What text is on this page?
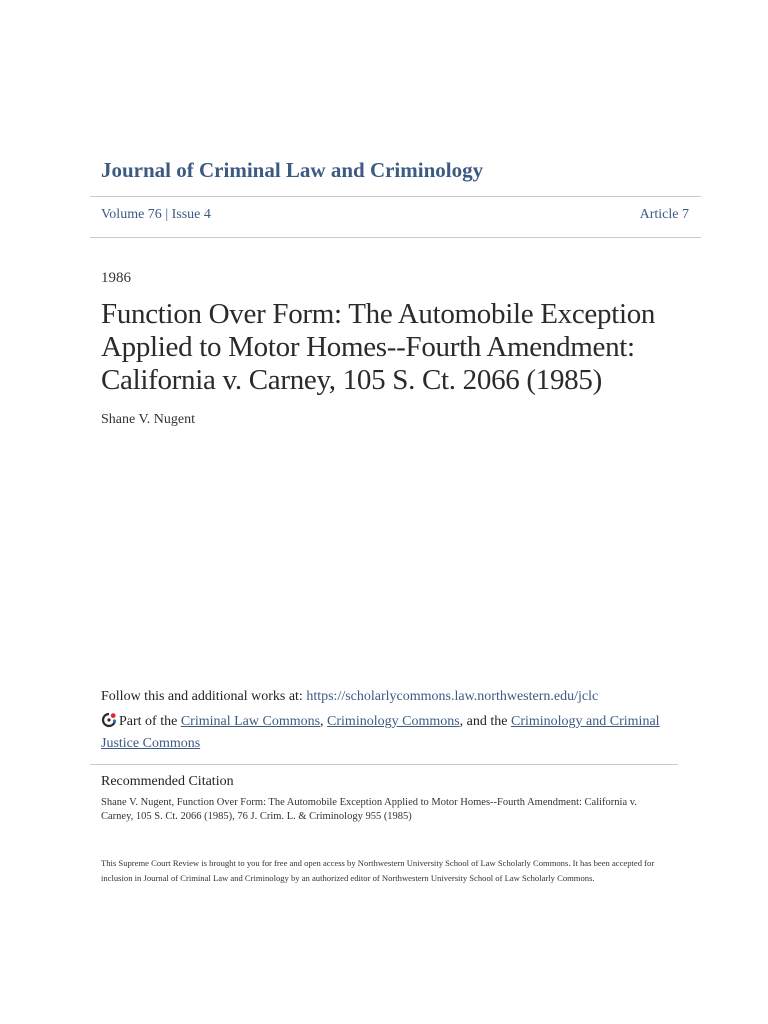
Journal of Criminal Law and Criminology
Volume 76 | Issue 4	Article 7
1986
Function Over Form: The Automobile Exception Applied to Motor Homes--Fourth Amendment: California v. Carney, 105 S. Ct. 2066 (1985)
Shane V. Nugent
Follow this and additional works at: https://scholarlycommons.law.northwestern.edu/jclc
Part of the Criminal Law Commons, Criminology Commons, and the Criminology and Criminal Justice Commons
Recommended Citation
Shane V. Nugent, Function Over Form: The Automobile Exception Applied to Motor Homes--Fourth Amendment: California v. Carney, 105 S. Ct. 2066 (1985), 76 J. Crim. L. & Criminology 955 (1985)
This Supreme Court Review is brought to you for free and open access by Northwestern University School of Law Scholarly Commons. It has been accepted for inclusion in Journal of Criminal Law and Criminology by an authorized editor of Northwestern University School of Law Scholarly Commons.
